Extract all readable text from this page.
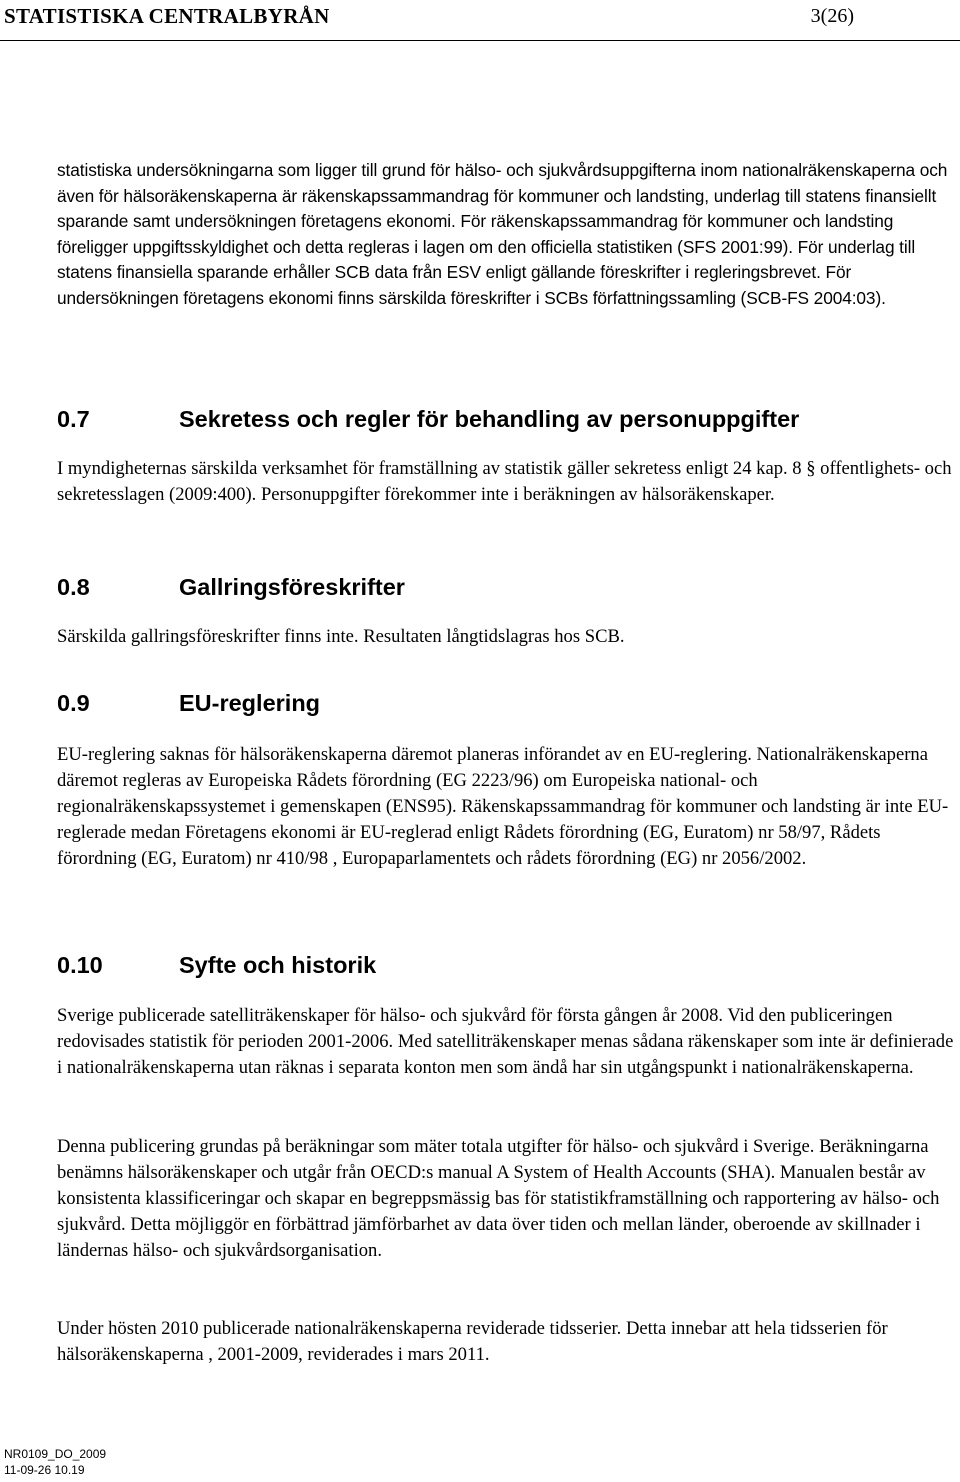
STATISTISKA CENTRALBYRÅN	3(26)

statistiska undersökningarna som ligger till grund för hälso- och sjukvårdsuppgifterna inom nationalräkenskaperna och även för hälsoräkenskaperna är räkenskapssammandrag för kommuner och landsting, underlag till statens finansiellt sparande samt undersökningen företagens ekonomi. För räkenskapssammandrag för kommuner och landsting föreligger uppgiftsskyldighet och detta regleras i lagen om den officiella statistiken (SFS 2001:99). För underlag till statens finansiella sparande erhåller SCB data från ESV enligt gällande föreskrifter i regleringsbrevet. För undersökningen företagens ekonomi finns särskilda föreskrifter i SCBs författningssamling (SCB-FS 2004:03).

0.7	Sekretess och regler för behandling av personuppgifter

I myndigheternas särskilda verksamhet för framställning av statistik gäller sekretess enligt 24 kap. 8 § offentlighets- och sekretesslagen (2009:400). Personuppgifter förekommer inte i beräkningen av hälsoräkenskaper.

0.8	Gallringsföreskrifter

Särskilda gallringsföreskrifter finns inte. Resultaten långtidslagras hos SCB.

0.9	EU-reglering

EU-reglering saknas för hälsoräkenskaperna däremot planeras införandet av en EU-reglering. Nationalräkenskaperna däremot regleras av Europeiska Rådets förordning (EG 2223/96) om Europeiska national- och regionalräkenskapssystemet i gemenskapen (ENS95). Räkenskapssammandrag för kommuner och landsting är inte EU-reglerade medan Företagens ekonomi är EU-reglerad enligt Rådets förordning (EG, Euratom) nr 58/97, Rådets förordning (EG, Euratom) nr 410/98 , Europaparlamentets och rådets förordning (EG) nr 2056/2002.

0.10	Syfte och historik

Sverige publicerade satelliträkenskaper för hälso- och sjukvård för första gången år 2008. Vid den publiceringen redovisades statistik för perioden 2001-2006. Med satelliträkenskaper menas sådana räkenskaper som inte är definierade i nationalräkenskaperna utan räknas i separata konton men som ändå har sin utgångspunkt i nationalräkenskaperna.

Denna publicering grundas på beräkningar som mäter totala utgifter för hälso- och sjukvård i Sverige. Beräkningarna benämns hälsoräkenskaper och utgår från OECD:s manual A System of Health Accounts (SHA). Manualen består av konsistenta klassificeringar och skapar en begreppsmässig bas för statistikframställning och rapportering av hälso- och sjukvård. Detta möjliggör en förbättrad jämförbarhet av data över tiden och mellan länder, oberoende av skillnader i ländernas hälso- och sjukvårdsorganisation.

Under hösten 2010 publicerade nationalräkenskaperna reviderade tidsserier. Detta innebar att hela tidsserien för hälsoräkenskaperna , 2001-2009, reviderades i mars 2011.

NR0109_DO_2009
11-09-26 10.19
